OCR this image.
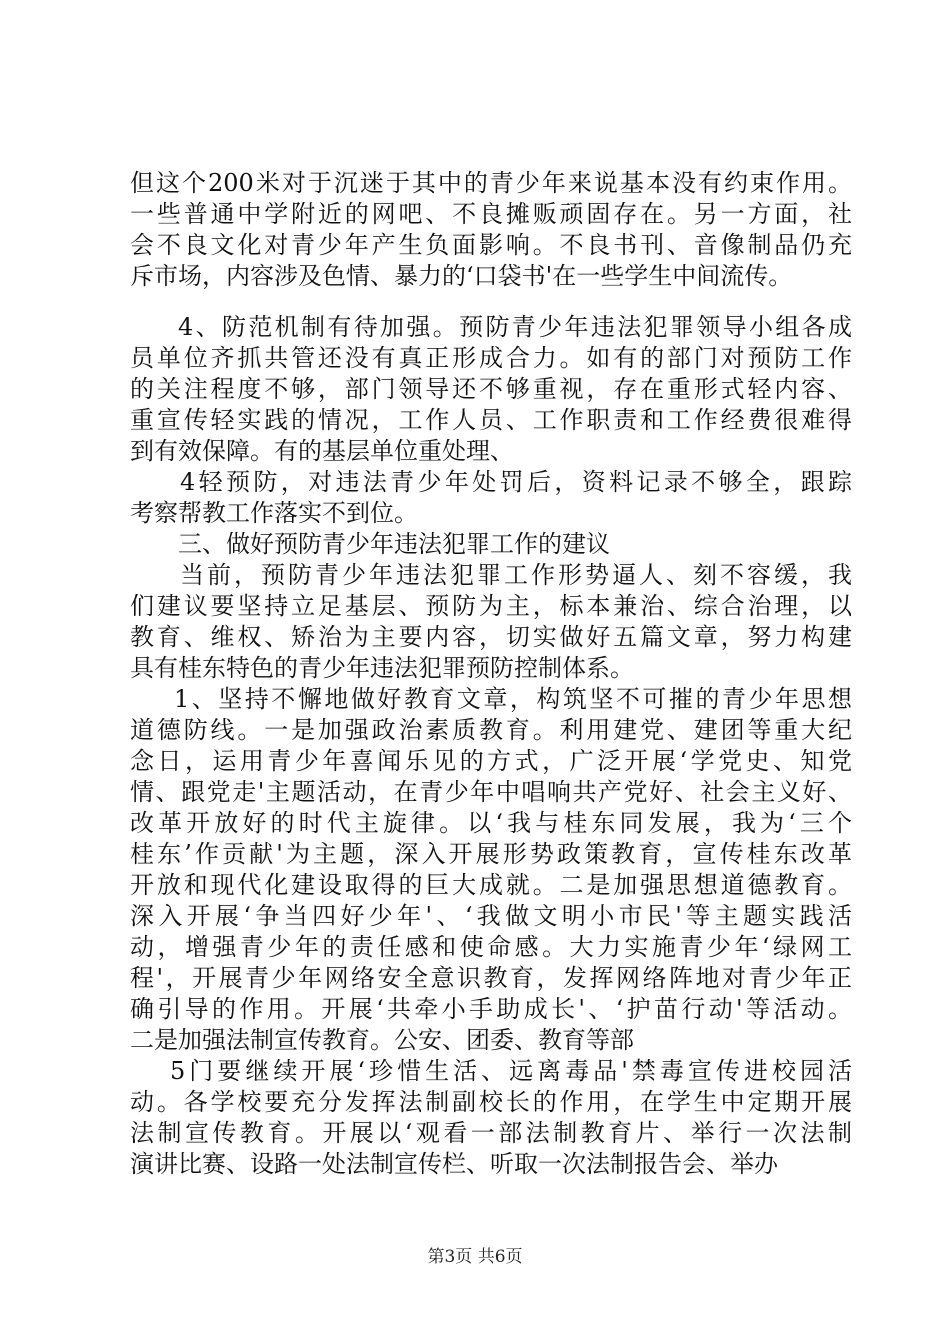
但这个200米对于沉迷于其中的青少年来说基本没有约束作用。
一些普通中学附近的网吧、不良摊贩顽固存在。另一方面，社
会不良文化对青少年产生负面影响。不良书刊、音像制品仍充
斥市场，内容涉及色情、暴力的‘口袋书'在一些学生中间流传。
4、防范机制有待加强。预防青少年违法犯罪领导小组各成
员单位齐抓共管还没有真正形成合力。如有的部门对预防工作
的关注程度不够，部门领导还不够重视，存在重形式轻内容、
重宣传轻实践的情况，工作人员、工作职责和工作经费很难得
到有效保障。有的基层单位重处理、
4轻预防，对违法青少年处罚后，资料记录不够全，跟踪
考察帮教工作落实不到位。
三、做好预防青少年违法犯罪工作的建议
当前，预防青少年违法犯罪工作形势逼人、刻不容缓，我
们建议要坚持立足基层、预防为主，标本兼治、综合治理，以
教育、维权、矫治为主要内容，切实做好五篇文章，努力构建
具有桂东特色的青少年违法犯罪预防控制体系。
1、坚持不懈地做好教育文章，构筑坚不可摧的青少年思想
道德防线。一是加强政治素质教育。利用建党、建团等重大纪
念日，运用青少年喜闻乐见的方式，广泛开展‘学党史、知党
情、跟党走'主题活动，在青少年中唱响共产党好、社会主义好、
改革开放好的时代主旋律。以‘我与桂东同发展，我为‘三个
桂东’作贡献'为主题，深入开展形势政策教育，宣传桂东改革
开放和现代化建设取得的巨大成就。二是加强思想道德教育。
深入开展‘争当四好少年'、‘我做文明小市民'等主题实践活
动，增强青少年的责任感和使命感。大力实施青少年‘绿网工
程'，开展青少年网络安全意识教育，发挥网络阵地对青少年正
确引导的作用。开展‘共牵小手助成长'、‘护苗行动'等活动。
二是加强法制宣传教育。公安、团委、教育等部
5门要继续开展‘珍惜生活、远离毒品'禁毒宣传进校园活
动。各学校要充分发挥法制副校长的作用，在学生中定期开展
法制宣传教育。开展以‘观看一部法制教育片、举行一次法制
演讲比赛、设路一处法制宣传栏、听取一次法制报告会、举办
第3页 共6页
